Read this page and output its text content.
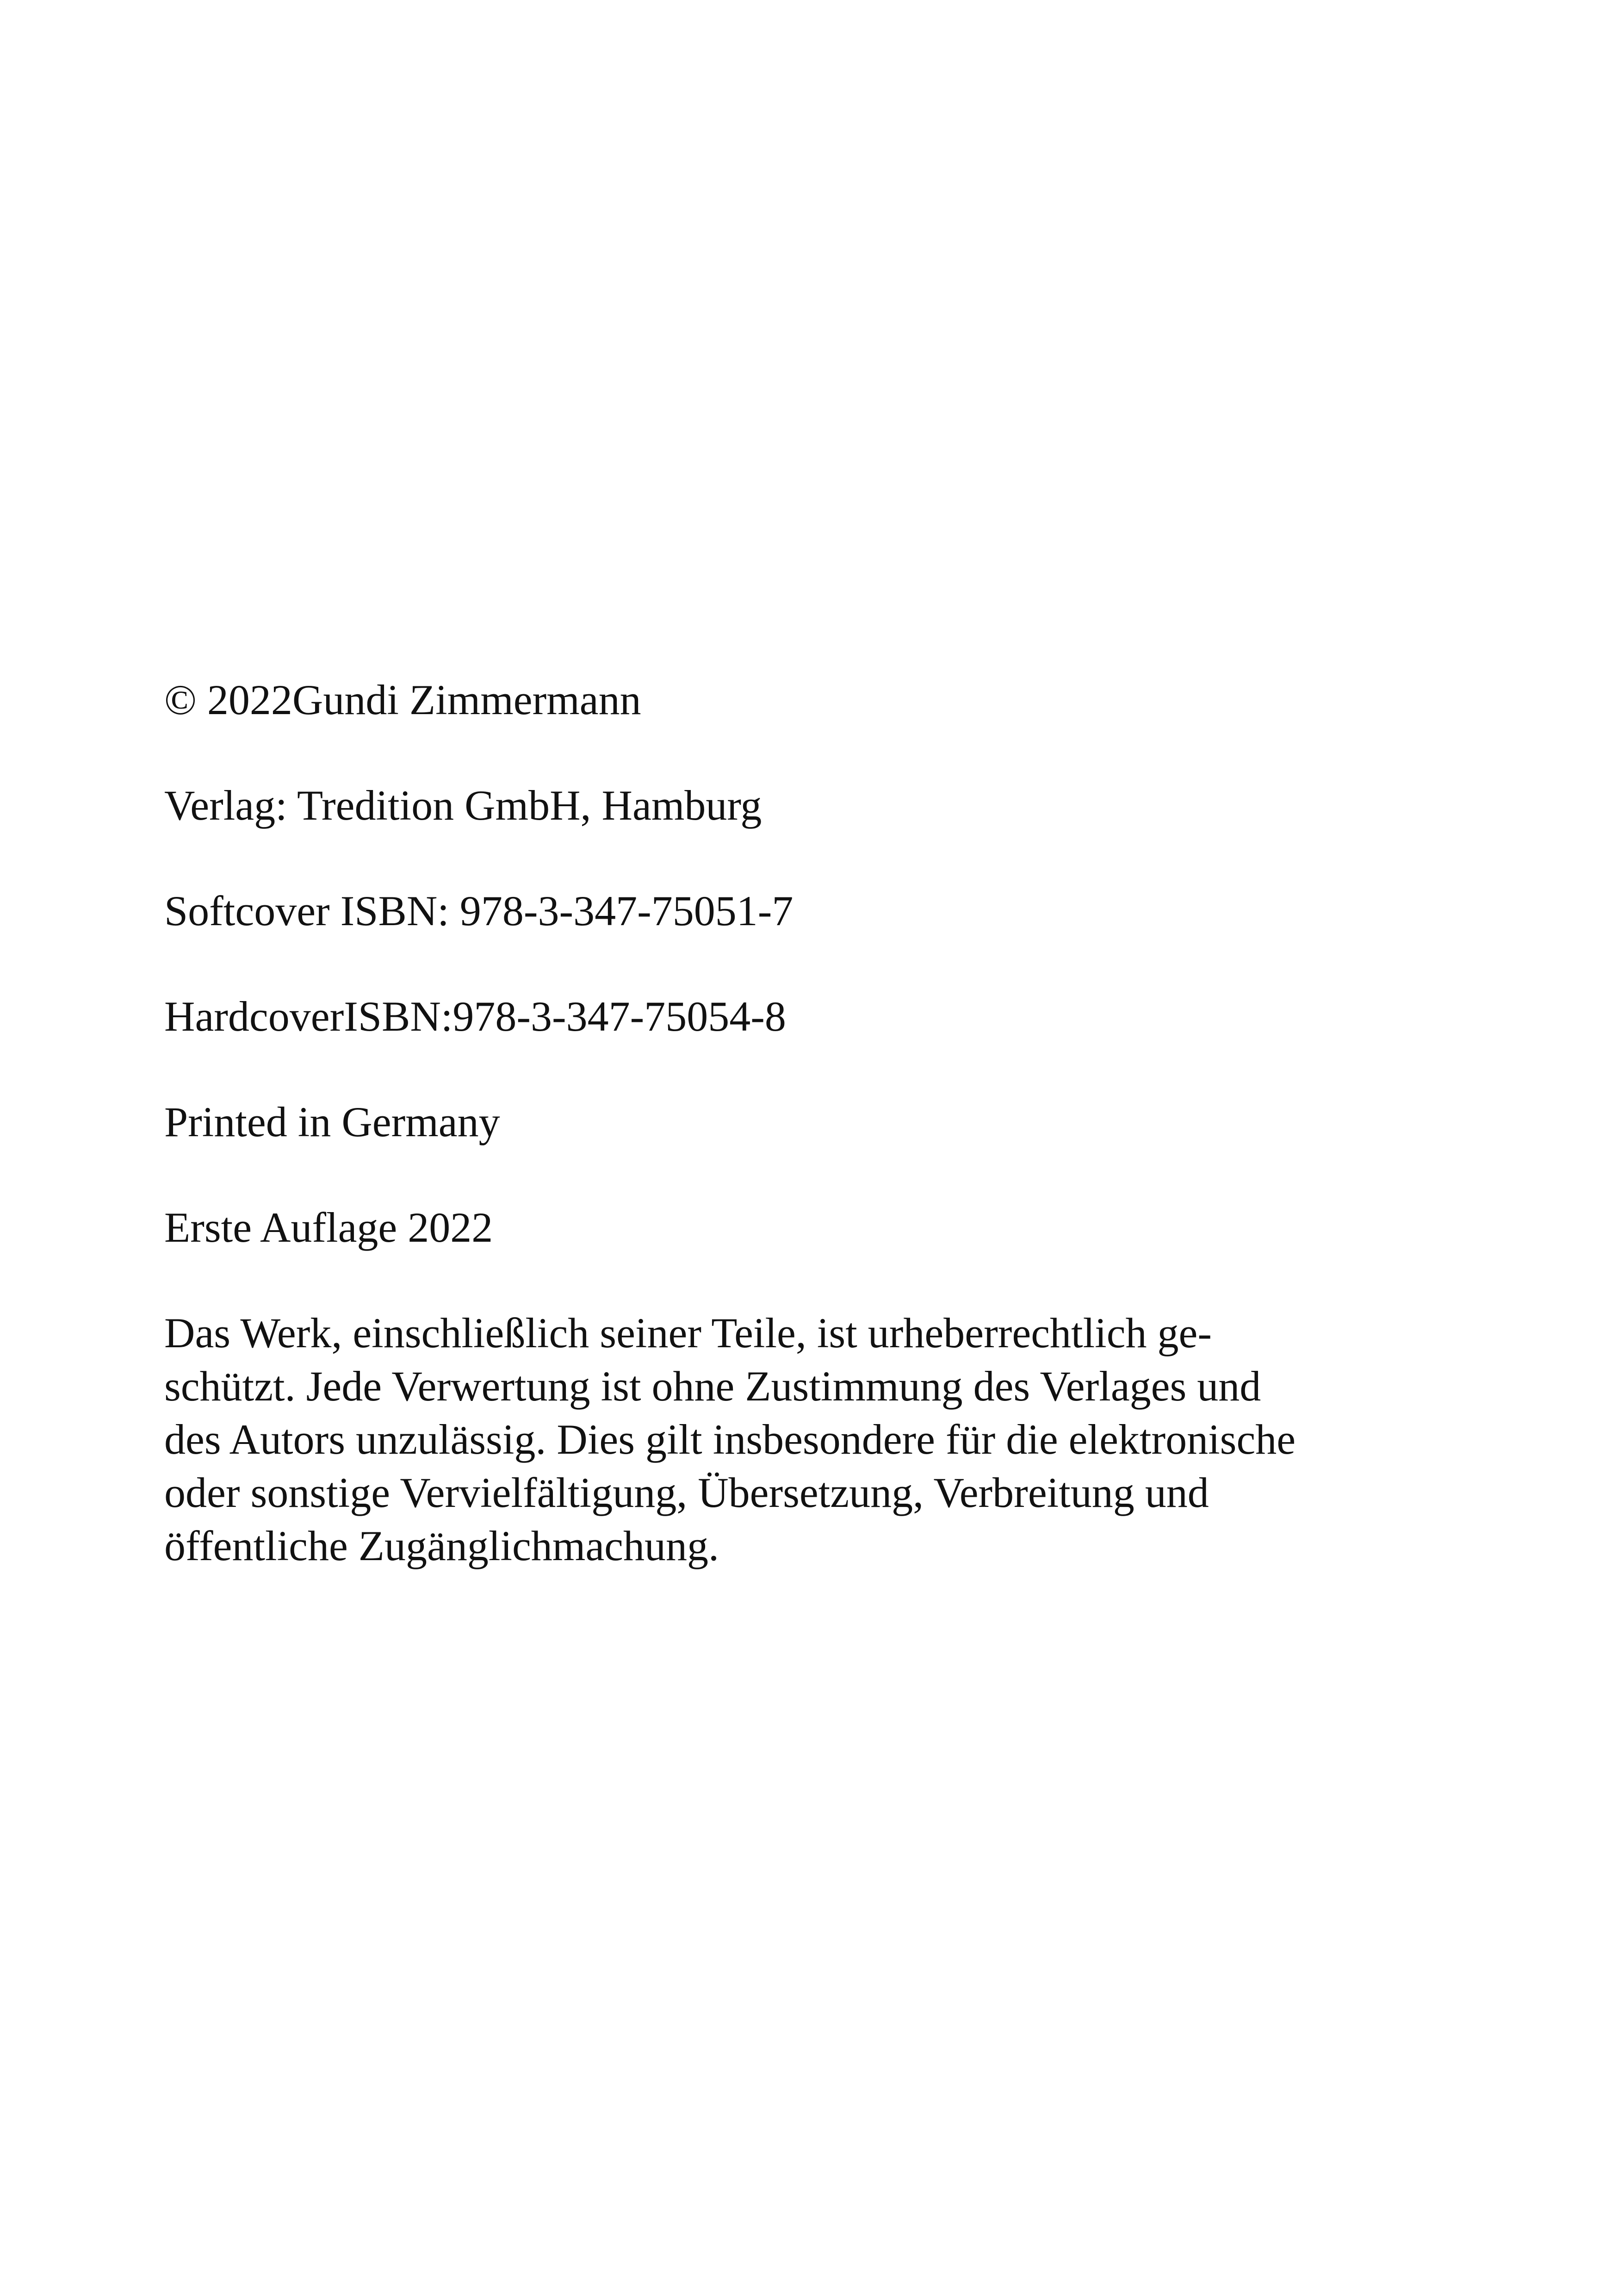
© 2022Gundi Zimmermann

Verlag: Tredition GmbH, Hamburg

Softcover ISBN: 978-3-347-75051-7

HardcoverISBN:978-3-347-75054-8

Printed in Germany

Erste Auflage 2022

Das Werk, einschließlich seiner Teile, ist urheberrechtlich ge-
schützt. Jede Verwertung ist ohne Zustimmung des Verlages und
des Autors unzulässig. Dies gilt insbesondere für die elektronische
oder sonstige Vervielfältigung, Übersetzung, Verbreitung und
öffentliche Zugänglichmachung.
